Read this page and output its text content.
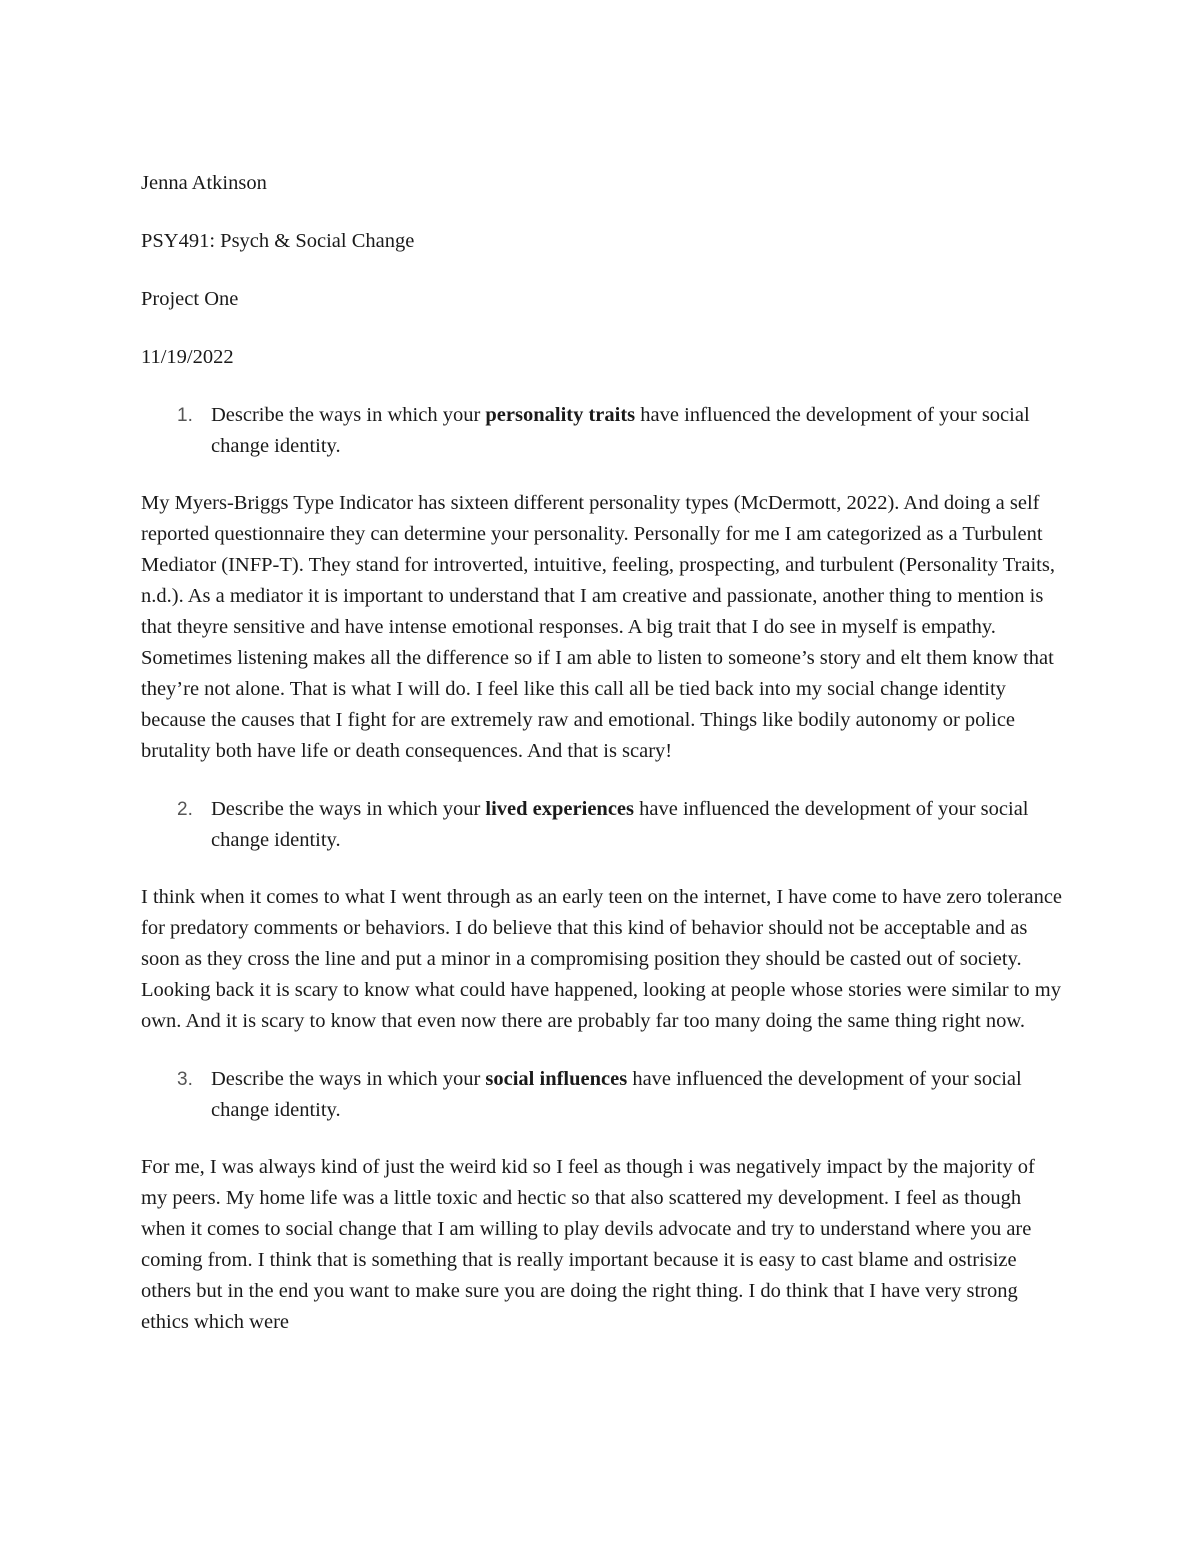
Jenna Atkinson
PSY491: Psych & Social Change
Project One
11/19/2022
1. Describe the ways in which your personality traits have influenced the development of your social change identity.
My Myers-Briggs Type Indicator has sixteen different personality types (McDermott, 2022). And doing a self reported questionnaire they can determine your personality. Personally for me I am categorized as a Turbulent Mediator (INFP-T). They stand for introverted, intuitive, feeling, prospecting, and turbulent (Personality Traits, n.d.). As a mediator it is important to understand that I am creative and passionate, another thing to mention is that theyre sensitive and have intense emotional responses. A big trait that I do see in myself is empathy. Sometimes listening makes all the difference so if I am able to listen to someone’s story and elt them know that they’re not alone. That is what I will do. I feel like this call all be tied back into my social change identity because the causes that I fight for are extremely raw and emotional. Things like bodily autonomy or police brutality both have life or death consequences. And that is scary!
2. Describe the ways in which your lived experiences have influenced the development of your social change identity.
I think when it comes to what I went through as an early teen on the internet, I have come to have zero tolerance for predatory comments or behaviors. I do believe that this kind of behavior should not be acceptable and as soon as they cross the line and put a minor in a compromising position they should be casted out of society. Looking back it is scary to know what could have happened, looking at people whose stories were similar to my own. And it is scary to know that even now there are probably far too many doing the same thing right now.
3. Describe the ways in which your social influences have influenced the development of your social change identity.
For me, I was always kind of just the weird kid so I feel as though i was negatively impact by the majority of my peers. My home life was a little toxic and hectic so that also scattered my development. I feel as though when it comes to social change that I am willing to play devils advocate and try to understand where you are coming from. I think that is something that is really important because it is easy to cast blame and ostrisize others but in the end you want to make sure you are doing the right thing. I do think that I have very strong ethics which were
